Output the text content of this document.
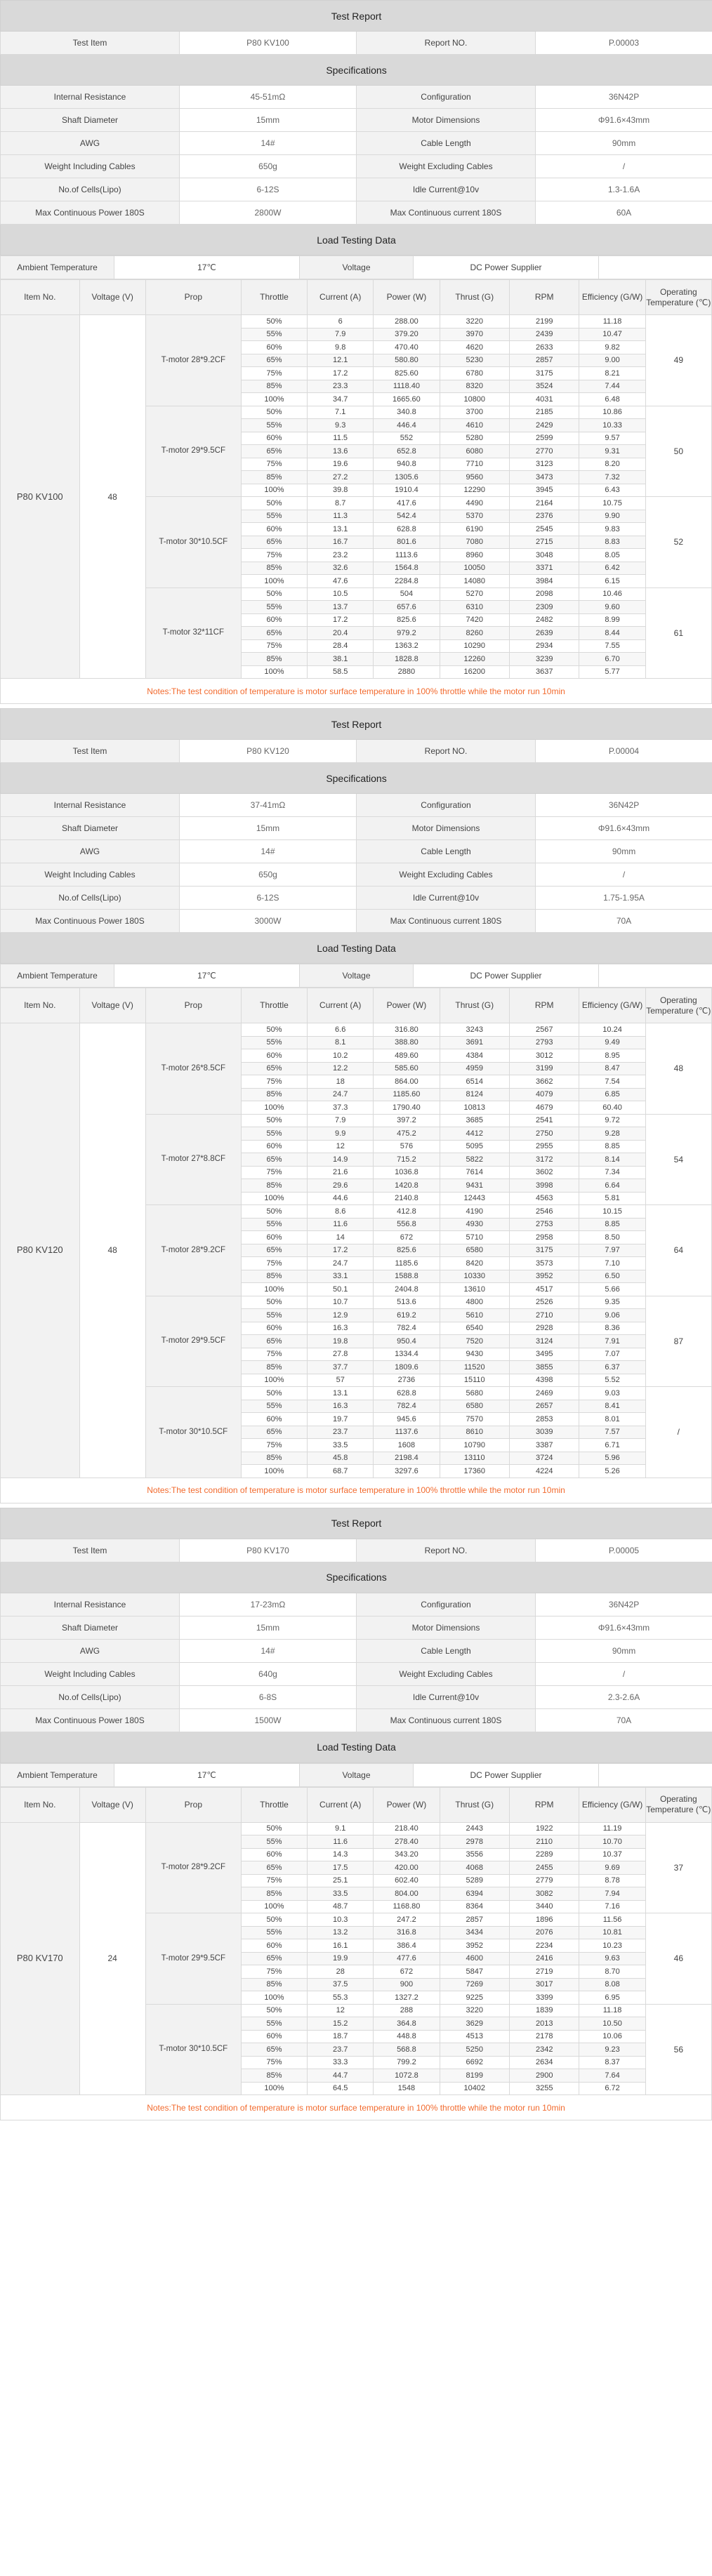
Test Report			
Test Item	P80 KV100	Report NO.	P.00003
Specifications			
Internal Resistance	45-51mΩ	Configuration	36N42P
Shaft Diameter	15mm	Motor Dimensions	Φ91.6×43mm
AWG	14#	Cable Length	90mm
Weight Including Cables	650g	Weight Excluding Cables	/
No.of Cells(Lipo)	6-12S	Idle Current@10v	1.3-1.6A
Max Continuous Power 180S	2800W	Max Continuous current 180S	60A
Load Testing Data			
Ambient Temperature	17℃	Voltage	DC Power Supplier	
Item No.	Voltage (V)	Prop	Throttle	Current (A)	Power (W)	Thrust (G)	RPM	Efficiency (G/W)	Operating Temperature (℃)
P80 KV100	48	T-motor 28*9.2CF	50%	6	288.00	3220	2199	11.18	49
			55%	7.9	379.20	3970	2439	10.47	
			60%	9.8	470.40	4620	2633	9.82	
			65%	12.1	580.80	5230	2857	9.00	
			75%	17.2	825.60	6780	3175	8.21	
			85%	23.3	1118.40	8320	3524	7.44	
			100%	34.7	1665.60	10800	4031	6.48	
		T-motor 29*9.5CF	50%	7.1	340.8	3700	2185	10.86	50
			55%	9.3	446.4	4610	2429	10.33	
			60%	11.5	552	5280	2599	9.57	
			65%	13.6	652.8	6080	2770	9.31	
			75%	19.6	940.8	7710	3123	8.20	
			85%	27.2	1305.6	9560	3473	7.32	
			100%	39.8	1910.4	12290	3945	6.43	
		T-motor 30*10.5CF	50%	8.7	417.6	4490	2164	10.75	52
			55%	11.3	542.4	5370	2376	9.90	
			60%	13.1	628.8	6190	2545	9.83	
			65%	16.7	801.6	7080	2715	8.83	
			75%	23.2	1113.6	8960	3048	8.05	
			85%	32.6	1564.8	10050	3371	6.42	
			100%	47.6	2284.8	14080	3984	6.15	
		T-motor 32*11CF	50%	10.5	504	5270	2098	10.46	61
			55%	13.7	657.6	6310	2309	9.60	
			60%	17.2	825.6	7420	2482	8.99	
			65%	20.4	979.2	8260	2639	8.44	
			75%	28.4	1363.2	10290	2934	7.55	
			85%	38.1	1828.8	12260	3239	6.70	
			100%	58.5	2880	16200	3637	5.77	
Notes:The test condition of temperature is motor surface temperature in 100% throttle while the motor run 10min									
Test Report			
Test Item	P80 KV120	Report NO.	P.00004
Specifications			
Internal Resistance	37-41mΩ	Configuration	36N42P
Shaft Diameter	15mm	Motor Dimensions	Φ91.6×43mm
AWG	14#	Cable Length	90mm
Weight Including Cables	650g	Weight Excluding Cables	/
No.of Cells(Lipo)	6-12S	Idle Current@10v	1.75-1.95A
Max Continuous Power 180S	3000W	Max Continuous current 180S	70A
Load Testing Data			
Ambient Temperature	17℃	Voltage	DC Power Supplier	
Item No.	Voltage (V)	Prop	Throttle	Current (A)	Power (W)	Thrust (G)	RPM	Efficiency (G/W)	Operating Temperature (℃)
P80 KV120	48	T-motor 26*8.5CF	50%	6.6	316.80	3243	2567	10.24	48
			55%	8.1	388.80	3691	2793	9.49	
			60%	10.2	489.60	4384	3012	8.95	
			65%	12.2	585.60	4959	3199	8.47	
			75%	18	864.00	6514	3662	7.54	
			85%	24.7	1185.60	8124	4079	6.85	
			100%	37.3	1790.40	10813	4679	60.40	
		T-motor 27*8.8CF	50%	7.9	397.2	3685	2541	9.72	54
			55%	9.9	475.2	4412	2750	9.28	
			60%	12	576	5095	2955	8.85	
			65%	14.9	715.2	5822	3172	8.14	
			75%	21.6	1036.8	7614	3602	7.34	
			85%	29.6	1420.8	9431	3998	6.64	
			100%	44.6	2140.8	12443	4563	5.81	
		T-motor 28*9.2CF	50%	8.6	412.8	4190	2546	10.15	64
			55%	11.6	556.8	4930	2753	8.85	
			60%	14	672	5710	2958	8.50	
			65%	17.2	825.6	6580	3175	7.97	
			75%	24.7	1185.6	8420	3573	7.10	
			85%	33.1	1588.8	10330	3952	6.50	
			100%	50.1	2404.8	13610	4517	5.66	
		T-motor 29*9.5CF	50%	10.7	513.6	4800	2526	9.35	87
			55%	12.9	619.2	5610	2710	9.06	
			60%	16.3	782.4	6540	2928	8.36	
			65%	19.8	950.4	7520	3124	7.91	
			75%	27.8	1334.4	9430	3495	7.07	
			85%	37.7	1809.6	11520	3855	6.37	
			100%	57	2736	15110	4398	5.52	
		T-motor 30*10.5CF	50%	13.1	628.8	5680	2469	9.03	/
			55%	16.3	782.4	6580	2657	8.41	
			60%	19.7	945.6	7570	2853	8.01	
			65%	23.7	1137.6	8610	3039	7.57	
			75%	33.5	1608	10790	3387	6.71	
			85%	45.8	2198.4	13110	3724	5.96	
			100%	68.7	3297.6	17360	4224	5.26	
Notes:The test condition of temperature is motor surface temperature in 100% throttle while the motor run 10min									
Test Report			
Test Item	P80 KV170	Report NO.	P.00005
Specifications			
Internal Resistance	17-23mΩ	Configuration	36N42P
Shaft Diameter	15mm	Motor Dimensions	Φ91.6×43mm
AWG	14#	Cable Length	90mm
Weight Including Cables	640g	Weight Excluding Cables	/
No.of Cells(Lipo)	6-8S	Idle Current@10v	2.3-2.6A
Max Continuous Power 180S	1500W	Max Continuous current 180S	70A
Load Testing Data			
Ambient Temperature	17℃	Voltage	DC Power Supplier	
Item No.	Voltage (V)	Prop	Throttle	Current (A)	Power (W)	Thrust (G)	RPM	Efficiency (G/W)	Operating Temperature (℃)
P80 KV170	24	T-motor 28*9.2CF	50%	9.1	218.40	2443	1922	11.19	37
			55%	11.6	278.40	2978	2110	10.70	
			60%	14.3	343.20	3556	2289	10.37	
			65%	17.5	420.00	4068	2455	9.69	
			75%	25.1	602.40	5289	2779	8.78	
			85%	33.5	804.00	6394	3082	7.94	
			100%	48.7	1168.80	8364	3440	7.16	
		T-motor 29*9.5CF	50%	10.3	247.2	2857	1896	11.56	46
			55%	13.2	316.8	3434	2076	10.81	
			60%	16.1	386.4	3952	2234	10.23	
			65%	19.9	477.6	4600	2416	9.63	
			75%	28	672	5847	2719	8.70	
			85%	37.5	900	7269	3017	8.08	
			100%	55.3	1327.2	9225	3399	6.95	
		T-motor 30*10.5CF	50%	12	288	3220	1839	11.18	56
			55%	15.2	364.8	3629	2013	10.50	
			60%	18.7	448.8	4513	2178	10.06	
			65%	23.7	568.8	5250	2342	9.23	
			75%	33.3	799.2	6692	2634	8.37	
			85%	44.7	1072.8	8199	2900	7.64	
			100%	64.5	1548	10402	3255	6.72	
Notes:The test condition of temperature is motor surface temperature in 100% throttle while the motor run 10min									
